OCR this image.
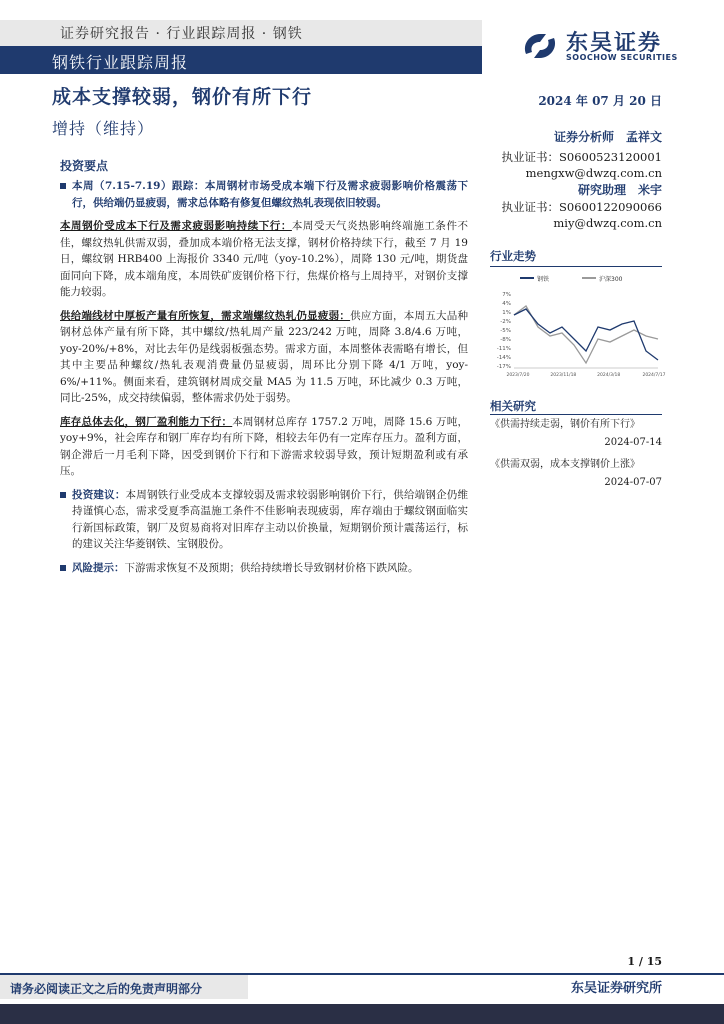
证券研究报告 · 行业跟踪周报 · 钢铁
钢铁行业跟踪周报
东吴证券
SOOCHOW SECURITIES
成本支撑较弱，钢价有所下行	2024 年 07 月 20 日
增持（维持）	证券分析师　孟祥文
执业证书：S0600523120001
mengxw@dwzq.com.cn
研究助理　米宇
执业证书：S0600122090066
miy@dwzq.com.cn
投资要点

本周（7.15-7.19）跟踪：本周钢材市场受成本端下行及需求疲弱影响价格震荡下行，供给端仍显疲弱，需求总体略有修复但螺纹热轧表现依旧较弱。

本周钢价受成本下行及需求疲弱影响持续下行：本周受天气炎热影响终端施工条件不佳，螺纹热轧供需双弱，叠加成本端价格无法支撑，钢材价格持续下行，截至 7 月 19 日，螺纹钢 HRB400 上海报价 3340 元/吨（yoy-10.2%），周降 130 元/吨，期货盘面同向下降，成本端角度，本周铁矿废钢价格下行，焦煤价格与上周持平，对钢价支撑能力较弱。

供给端线材中厚板产量有所恢复，需求端螺纹热轧仍显疲弱：供应方面，本周五大品种钢材总体产量有所下降，其中螺纹/热轧周产量 223/242 万吨，周降 3.8/4.6 万吨，yoy-20%/+8%，对比去年仍是线弱板强态势。需求方面，本周整体表需略有增长，但其中主要品种螺纹/热轧表观消费量仍显疲弱，周环比分别下降 4/1 万吨，yoy-6%/+11%。侧面来看，建筑钢材周成交量 MA5 为 11.5 万吨，环比减少 0.3 万吨，同比-25%，成交持续偏弱，整体需求仍处于弱势。

库存总体去化，钢厂盈利能力下行：本周钢材总库存 1757.2 万吨，周降 15.6 万吨，yoy+9%，社会库存和钢厂库存均有所下降，相较去年仍有一定库存压力。盈利方面，钢企滞后一月毛利下降，因受到钢价下行和下游需求较弱导致，预计短期盈利或有承压。

投资建议：本周钢铁行业受成本支撑较弱及需求较弱影响钢价下行，供给端钢企仍维持谨慎心态，需求受夏季高温施工条件不佳影响表现疲弱，库存端由于螺纹钢面临实行新国标政策，钢厂及贸易商将对旧库存主动以价换量，短期钢价预计震荡运行，标的建议关注华菱钢铁、宝钢股份。

风险提示：下游需求恢复不及预期；供给持续增长导致钢材价格下跌风险。

行业走势
钢铁	沪深300
7%
4%
1%
-2%
-5%
-8%
-11%
-14%
-17%
2023/7/20	2023/11/18	2024/3/18	2024/7/17
相关研究
《供需持续走弱，钢价有所下行》
2024-07-14
《供需双弱，成本支撑钢价上涨》
2024-07-07
1 / 15
请务必阅读正文之后的免责声明部分	东吴证券研究所
